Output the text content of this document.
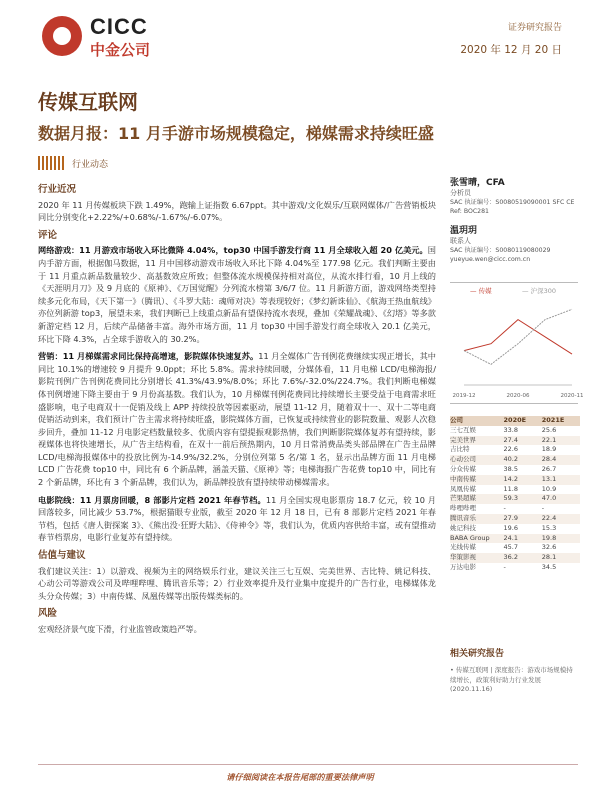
CICC
中金公司
证券研究报告
2020 年 12 月 20 日
传媒互联网
数据月报：11 月手游市场规模稳定，梯媒需求持续旺盛
行业动态
行业近况

2020 年 11 月传媒板块下跌 1.49%，跑输上证指数 6.67ppt。其中游戏/文化娱乐/互联网媒体/广告营销板块同比分别变化+2.22%/+0.68%/-1.67%/-6.07%。

评论

网络游戏：11 月游戏市场收入环比微降 4.04%，top30 中国手游发行商 11 月全球收入超 20 亿美元。国内手游方面，根据伽马数据，11 月中国移动游戏市场收入环比下降 4.04%至 177.98 亿元。我们判断主要由于 11 月重点新品数量较少、高基数效应所致；但整体流水规模保持相对高位，从流水排行看，10 月上线的《天涯明月刀》及 9 月底的《原神》、《万国觉醒》分列流水榜第 3/6/7 位。11 月新游方面，游戏网络类型持续多元化布局，《天下第一》（腾讯）、《斗罗大陆：魂师对决》等表现较好；《梦幻新诛仙》、《航海王热血航线》亦位列新游 top3，展望未来，我们判断已上线重点新品有望保持流水表现，叠加《荣耀战魂》、《幻塔》等多款新游定档 12 月，后续产品储备丰富。海外市场方面，11 月 top30 中国手游发行商全球收入 20.1 亿美元，环比下降 4.3%，占全球手游收入的 30.2%。

营销：11 月梯媒需求同比保持高增速，影院媒体快速复苏。11 月全媒体广告刊例花费继续实现正增长，其中同比 10.1%的增速较 9 月提升 9.0ppt；环比 5.8%。需求持续回暖，分媒体看，11 月电梯 LCD/电梯海报/影院刊例广告刊例花费同比分别增长 41.3%/43.9%/8.0%；环比 7.6%/-32.0%/224.7%。我们判断电梯媒体刊例增速下降主要由于 9 月份高基数。我们认为，10 月梯媒刊例花费同比持续增长主要受益于电商需求旺盛影响，电子电商双十一促销及线上 APP 持续投放等因素驱动，展望 11-12 月，随着双十一、双十二等电商促销活动到来，我们预计广告主需求将持续旺盛，影院媒体方面，已恢复或持续营业的影院数量、观影人次稳步回升，叠加 11-12 月电影定档数量较多、优质内容有望提振观影热情，我们判断影院媒体复苏有望持续，影视媒体也将快速增长，从广告主结构看，在双十一前后预热期内，10 月日常消费品类头部品牌在广告主品牌 LCD/电梯海报媒体中的投放比例为-14.9%/32.2%，分别位列第 5 名/第 1 名，显示出品牌方面 11 月电梯 LCD 广告花费 top10 中，同比有 6 个新品牌，涵盖天猫、《原神》等；电梯海报广告花费 top10 中，同比有 2 个新品牌，环比有 3 个新品牌，我们认为，新品牌投放有望持续带动梯媒需求。

电影院线：11 月票房回暖，8 部影片定档 2021 年春节档。11 月全国实现电影票房 18.7 亿元，较 10 月回落较多，同比减少 53.7%，根据猫眼专业版，截至 2020 年 12 月 18 日，已有 8 部影片定档 2021 年春节档，包括《唐人街探案 3》、《熊出没·狂野大陆》、《侍神令》等，我们认为，优质内容供给丰富，或有望推动春节档票房，电影行业复苏有望持续。

估值与建议

我们建议关注：1）以游戏、视频为主的网络娱乐行业，建议关注三七互娱、完美世界、吉比特、姚记科技、心动公司等游戏公司及哔哩哔哩、腾讯音乐等；2）行业效率提升及行业集中度提升的广告行业，电梯媒体龙头分众传媒；3）中南传媒、凤凰传媒等出版传媒类标的。

风险

宏观经济景气度下滑，行业监管政策趋严等。

张雪晴，CFA
分析员
SAC 执证编号：S0080519090001 SFC CE Ref: BOC281
温玥玥
联系人
SAC 执证编号：S0080119080029 yueyue.wen@cicc.com.cn
— 传媒	— 沪深300
2019-12	2020-06	2020-11
公司	2020E	2021E
三七互娱	33.8	25.6
完美世界	27.4	22.1
吉比特	22.6	18.9
心动公司	40.2	28.4
分众传媒	38.5	26.7
中南传媒	14.2	13.1
凤凰传媒	11.8	10.9
芒果超媒	59.3	47.0
哔哩哔哩	-	-
腾讯音乐	27.9	22.4
姚记科技	19.6	15.3
BABA Group	24.1	19.8
光线传媒	45.7	32.6
华策影视	36.2	28.1
万达电影	-	34.5
相关研究报告
• 传媒互联网 | 深度报告：游戏市场规模持续增长，政策利好助力行业发展 (2020.11.16)
请仔细阅读在本报告尾部的重要法律声明
